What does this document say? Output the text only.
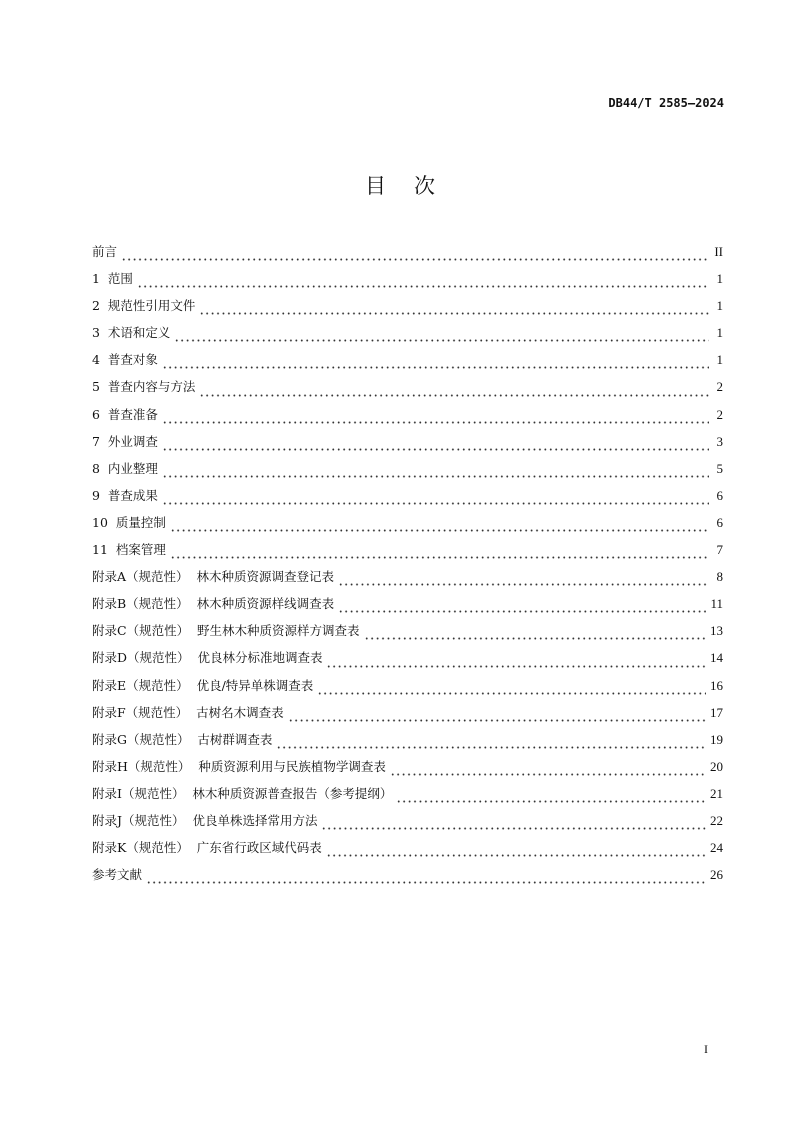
DB44/T 2585—2024
目次
前言	II
1  范围	1
2  规范性引用文件	1
3  术语和定义	1
4  普查对象	1
5  普查内容与方法	2
6  普查准备	2
7  外业调查	3
8  内业整理	5
9  普查成果	6
10  质量控制	6
11  档案管理	7
附录A（规范性）  林木种质资源调查登记表	8
附录B（规范性）  林木种质资源样线调查表	11
附录C（规范性）  野生林木种质资源样方调查表	13
附录D（规范性）  优良林分标准地调查表	14
附录E（规范性）  优良/特异单株调查表	16
附录F（规范性）  古树名木调查表	17
附录G（规范性）  古树群调查表	19
附录H（规范性）  种质资源利用与民族植物学调查表	20
附录I（规范性）  林木种质资源普查报告（参考提纲）	21
附录J（规范性）  优良单株选择常用方法	22
附录K（规范性）  广东省行政区域代码表	24
参考文献	26
I
